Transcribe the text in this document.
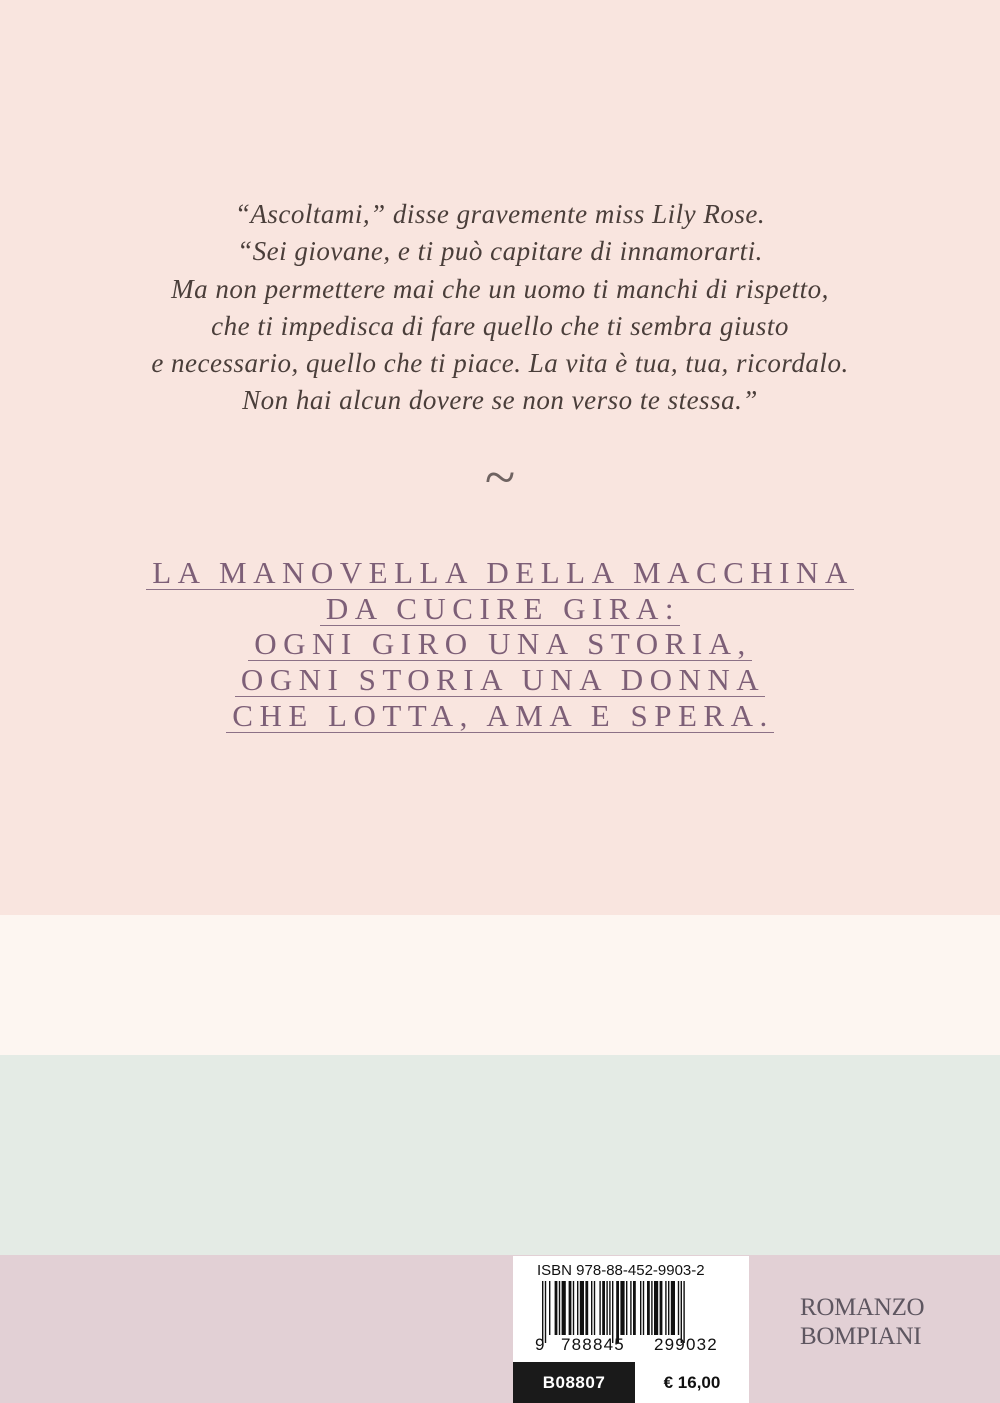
“Ascoltami,” disse gravemente miss Lily Rose.
“Sei giovane, e ti può capitare di innamorarti.
Ma non permettere mai che un uomo ti manchi di rispetto,
che ti impedisca di fare quello che ti sembra giusto
e necessario, quello che ti piace. La vita è tua, tua, ricordalo.
Non hai alcun dovere se non verso te stessa.”
~
LA MANOVELLA DELLA MACCHINA
DA CUCIRE GIRA:
OGNI GIRO UNA STORIA,
OGNI STORIA UNA DONNA
CHE LOTTA, AMA E SPERA.
ISBN 978-88-452-9903-2
9 788845 299032
B08807	€ 16,00
ROMANZO
BOMPIANI
